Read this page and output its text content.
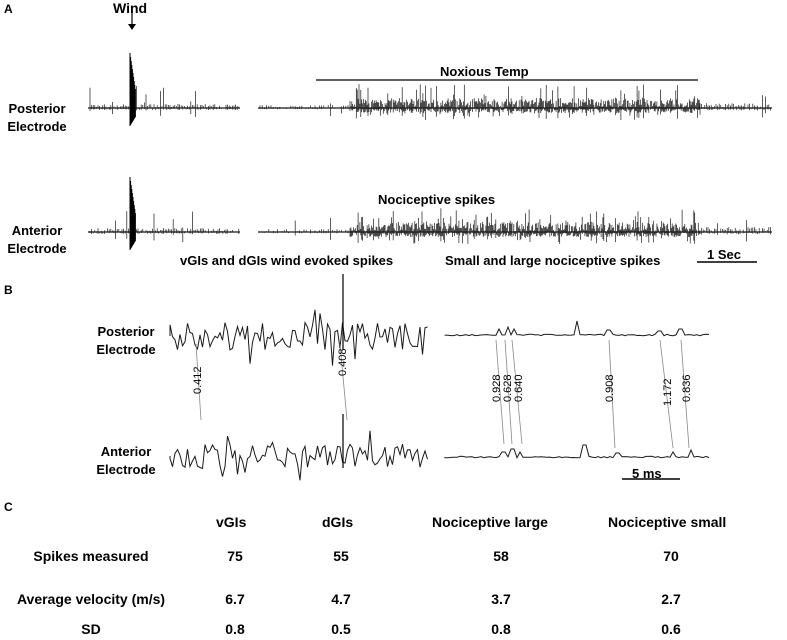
A	Wind
Posterior
Electrode
Anterior
Electrode
Noxious Temp
Nociceptive spikes
1 Sec
B
vGIs and dGIs wind evoked spikes	Small and large nociceptive spikes
Posterior
Electrode
Anterior
Electrode	5 ms
0.412
0.408
0.928 0.628 0.640	0.908	1.172 0.836
C
vGIs	dGIs	Nociceptive large	Nociceptive small
Spikes measured	75	55	58	70
Average velocity (m/s)	6.7	4.7	3.7	2.7
SD	0.8	0.5	0.8	0.6
